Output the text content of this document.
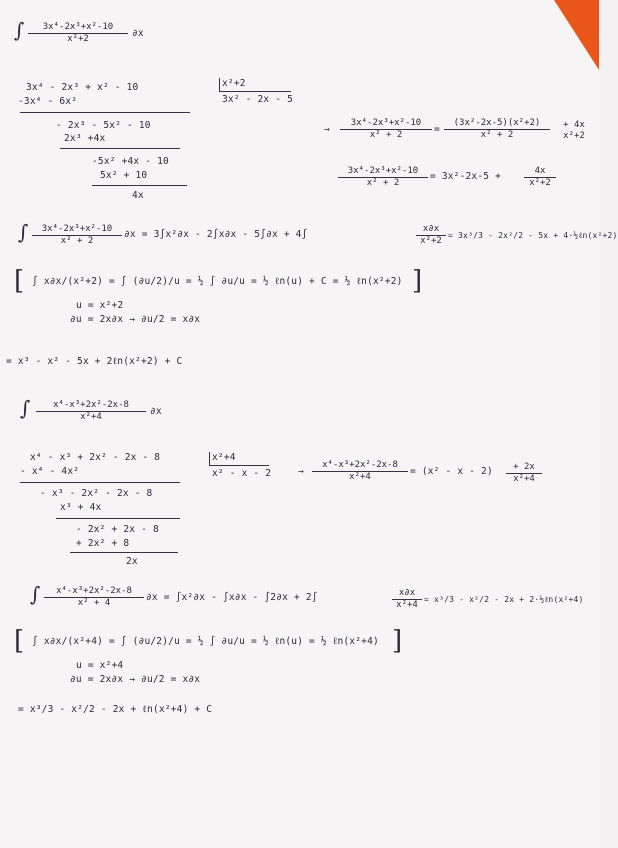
∫ $\frac{\text{3x⁴-2x³+x²-10}}{\text{x²+2}} \partial x$
3x⁴ - 2x³ + x² - 10
-3x⁴ - 6x²
- 2x³ - 5x² - 10
2x³ +4x
-5x² +4x - 10
5x² + 10
4x
x²+2
3x² - 2x - 5
→ $\frac{\text{3x⁴-2x³+x²-10}}{\text{x² + 2}} = \frac{\text{(3x²-2x-5)(x²+2)}}{\text{x² + 2}}$	+ 4x
x²+2
$\frac{\text{3x⁴-2x³+x²-10}}{\text{x² + 2}} = 3x^2-2x-5$ +	$\frac{4x}{\text{x²+2}}$
∫ $\frac{\text{3x⁴-2x³+x²-10}}{\text{x² + 2}} \partial x = 3\int x^2\partial x - 2\int x\partial x - 5\int\partial x + 4\int$	$\frac{x\partial x}{\text{x²+2}} = 3x^3/3 - 2x^2/2 - 5x$ + 4·½ℓn(x²+2)
[ ∫ x∂x/(x²+2) = ∫ (∂u/2)/u = ½ ∫ ∂u/u = ½ ℓn(u) + C = ½ ℓn(x²+2) ]
u = x²+2
∂u = 2x∂x → ∂u/2 = x∂x
= x³ - x² - 5x + 2ℓn(x²+2) + C
∫ $\frac{\text{x⁴-x³+2x²-2x-8}}{\text{x²+4}} \partial x$
x⁴ - x³ + 2x² - 2x - 8
- x⁴ - 4x²
- x³ - 2x² - 2x - 8
x³ + 4x
- 2x² + 2x - 8
+ 2x² + 8
2x
x²+4
x² - x - 2	→ $\frac{\text{x⁴-x³+2x²-2x-8}}{\text{x²+4}} = (x^2 - x - 2) \frac{+ 2x}{\text{x²+4}}$
∫ $\frac{\text{x⁴-x³+2x²-2x-8}}{\text{x² + 4}} \partial x = \int x^2\partial x - \int x\partial x - \int 2\partial x + 2\int$	$\frac{x\partial x}{\text{x²+4}} = x^3/3 - x^2/2 - 2x$ + 2·½ℓn(x²+4)
[ ∫ x∂x/(x²+4) = ∫ (∂u/2)/u = ½ ∫ ∂u/u = ½ ℓn(u) = ½ ℓn(x²+4) ]
u = x²+4
∂u = 2x∂x → ∂u/2 = x∂x
= x³/3 - x²/2 - 2x + ℓn(x²+4) + C
